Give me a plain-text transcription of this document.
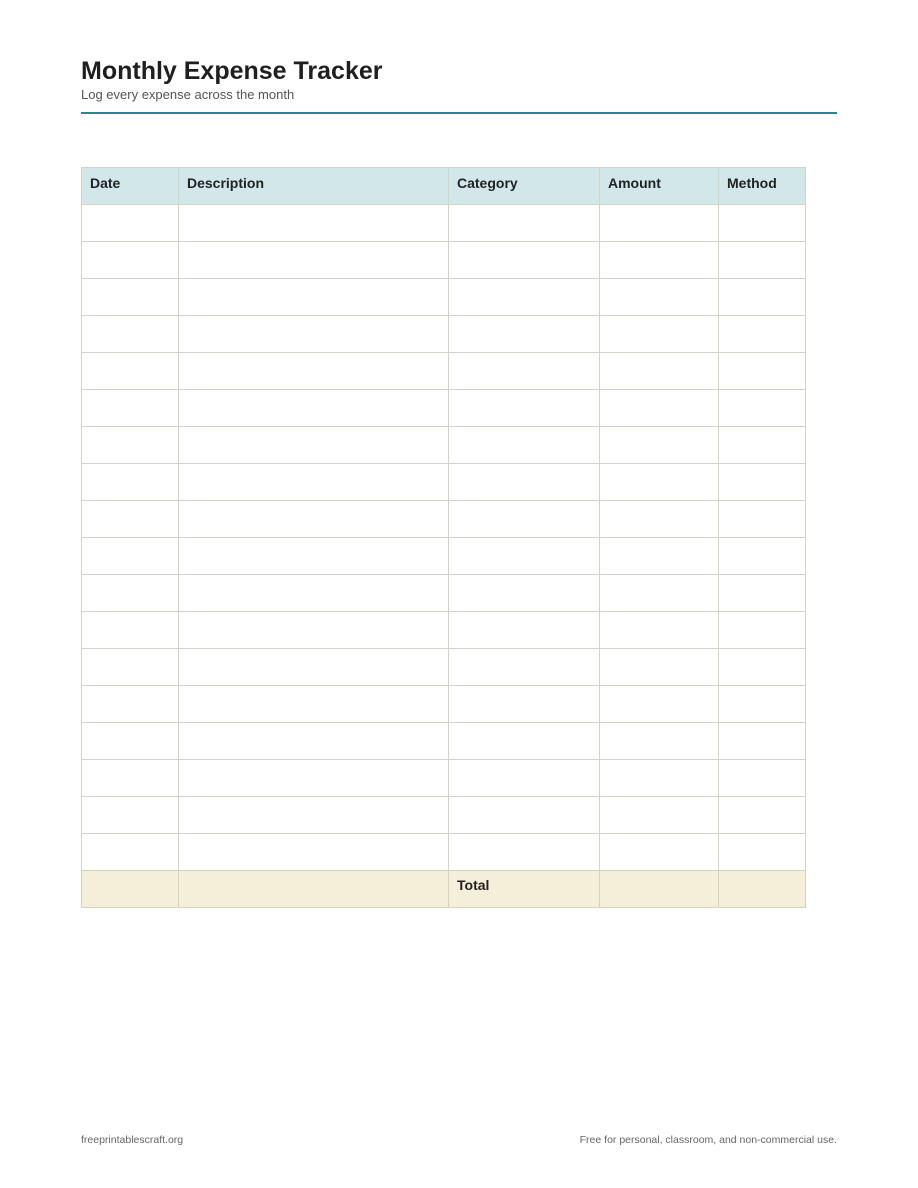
Monthly Expense Tracker

Log every expense across the month

Date	Description	Category	Amount	Method

		Total		
freeprintablescraft.org	Free for personal, classroom, and non-commercial use.
